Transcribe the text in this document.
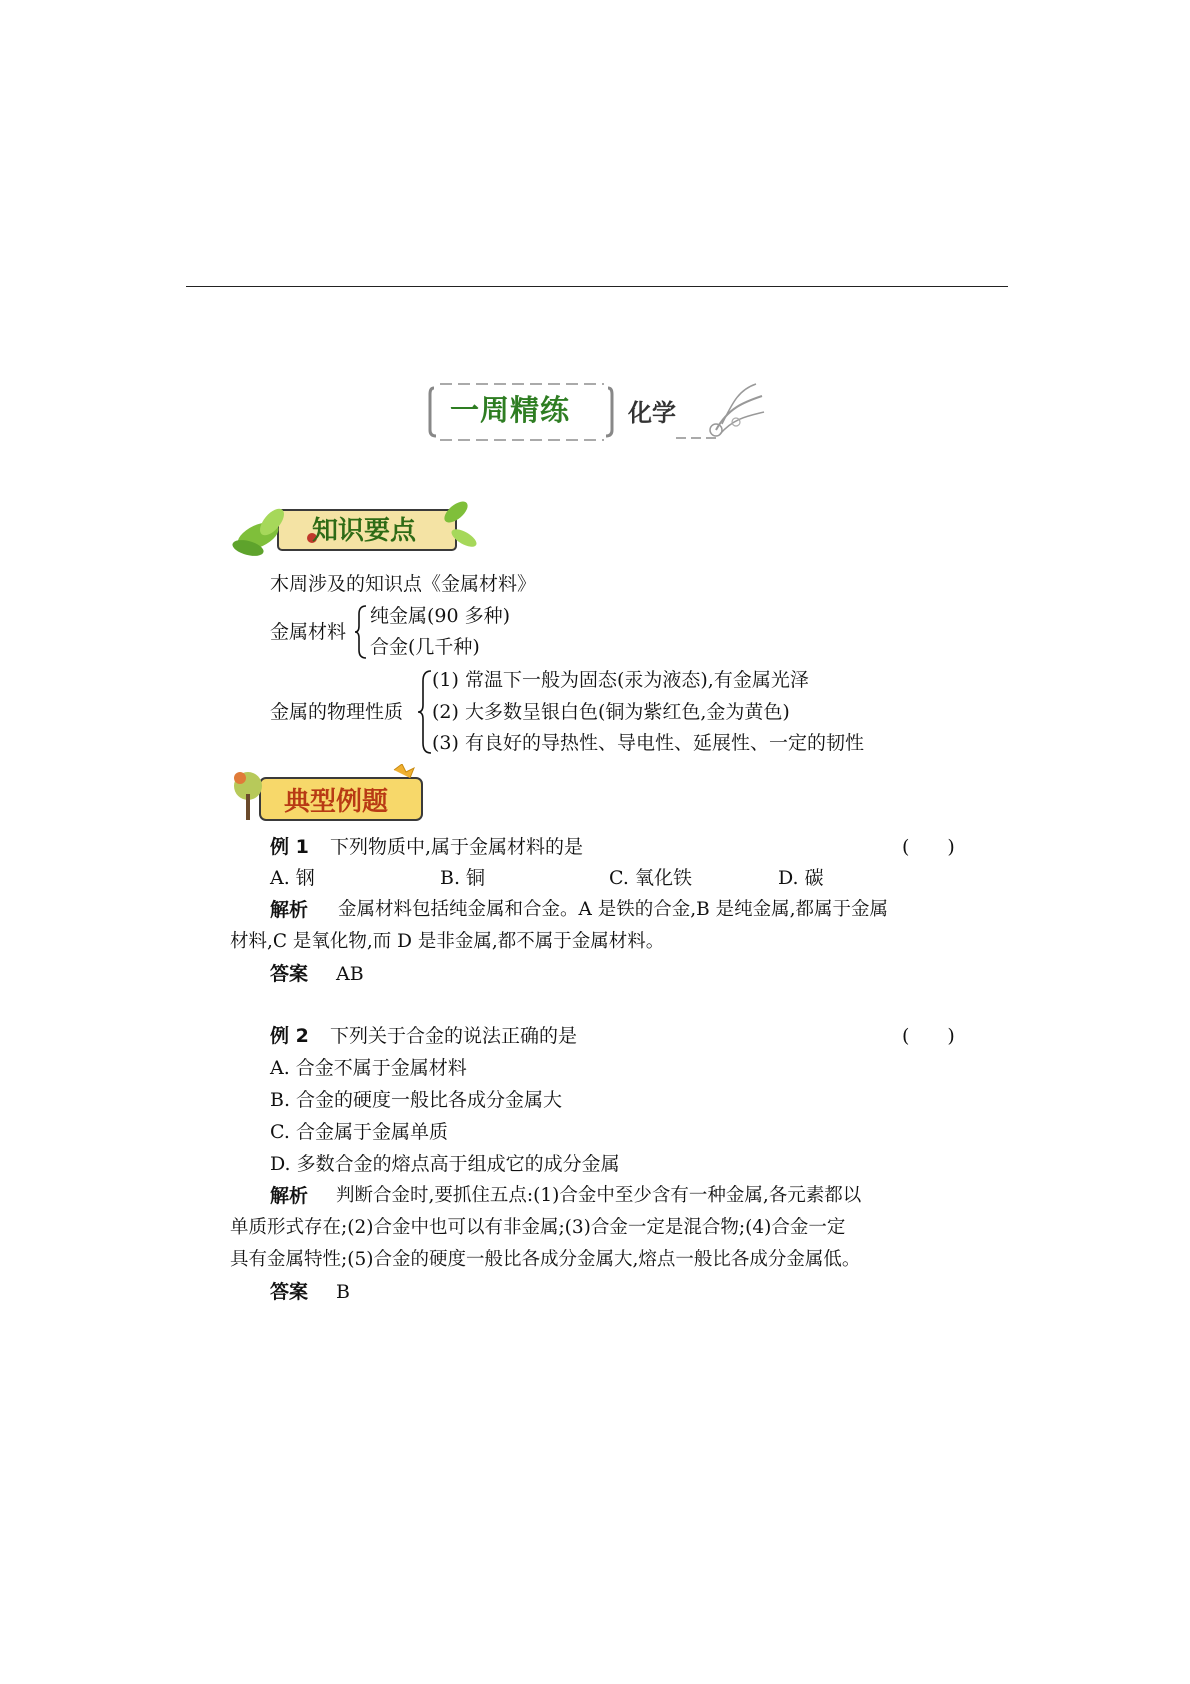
一周精练 化学
知识要点
木周涉及的知识点《金属材料》
金属材料
纯金属(90 多种)
合金(几千种)
金属的物理性质
(1) 常温下一般为固态(汞为液态),有金属光泽
(2) 大多数呈银白色(铜为紫红色,金为黄色)
(3) 有良好的导热性、导电性、延展性、一定的韧性
典型例题
例 1 下列物质中,属于金属材料的是	(　　)
A. 钢	B. 铜	C. 氧化铁	D. 碳
解析 金属材料包括纯金属和合金。A 是铁的合金,B 是纯金属,都属于金属
材料,C 是氧化物,而 D 是非金属,都不属于金属材料。
答案 AB
例 2 下列关于合金的说法正确的是	(　　)
A. 合金不属于金属材料
B. 合金的硬度一般比各成分金属大
C. 合金属于金属单质
D. 多数合金的熔点高于组成它的成分金属
解析 判断合金时,要抓住五点:(1)合金中至少含有一种金属,各元素都以
单质形式存在;(2)合金中也可以有非金属;(3)合金一定是混合物;(4)合金一定
具有金属特性;(5)合金的硬度一般比各成分金属大,熔点一般比各成分金属低。
答案 B
